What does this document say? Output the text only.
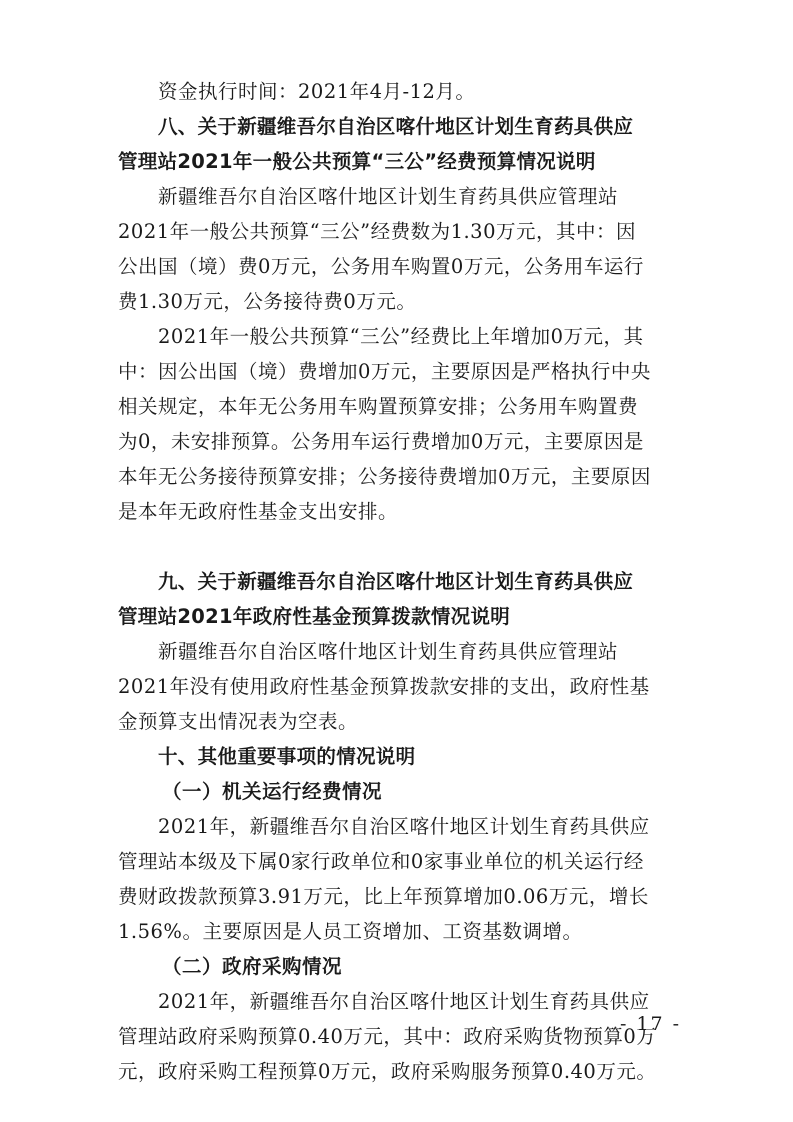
资金执行时间：2021年4月-12月。
八、关于新疆维吾尔自治区喀什地区计划生育药具供应
管理站2021年一般公共预算“三公”经费预算情况说明
新疆维吾尔自治区喀什地区计划生育药具供应管理站
2021年一般公共预算“三公”经费数为1.30万元，其中：因
公出国（境）费0万元，公务用车购置0万元，公务用车运行
费1.30万元，公务接待费0万元。
2021年一般公共预算“三公”经费比上年增加0万元，其
中：因公出国（境）费增加0万元，主要原因是严格执行中央
相关规定，本年无公务用车购置预算安排；公务用车购置费
为0，未安排预算。公务用车运行费增加0万元，主要原因是
本年无公务接待预算安排；公务接待费增加0万元，主要原因
是本年无政府性基金支出安排。
九、关于新疆维吾尔自治区喀什地区计划生育药具供应
管理站2021年政府性基金预算拨款情况说明
新疆维吾尔自治区喀什地区计划生育药具供应管理站
2021年没有使用政府性基金预算拨款安排的支出，政府性基
金预算支出情况表为空表。
十、其他重要事项的情况说明
（一）机关运行经费情况
2021年，新疆维吾尔自治区喀什地区计划生育药具供应
管理站本级及下属0家行政单位和0家事业单位的机关运行经
费财政拨款预算3.91万元，比上年预算增加0.06万元，增长
1.56%。主要原因是人员工资增加、工资基数调增。
（二）政府采购情况
2021年，新疆维吾尔自治区喀什地区计划生育药具供应
管理站政府采购预算0.40万元，其中：政府采购货物预算0万
元，政府采购工程预算0万元，政府采购服务预算0.40万元。
- 17 -
